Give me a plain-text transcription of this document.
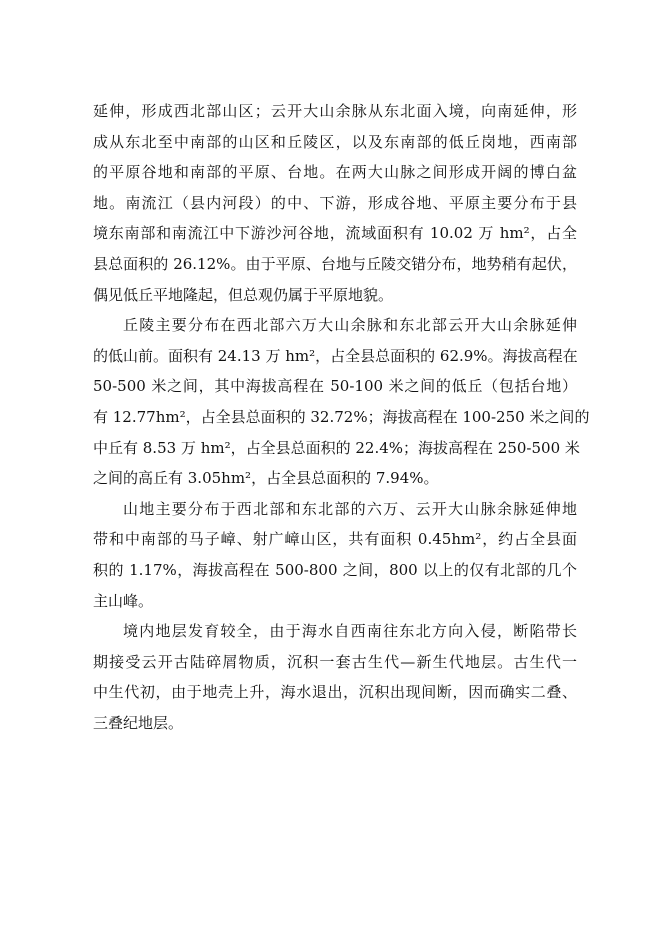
延伸，形成西北部山区；云开大山余脉从东北面入境，向南延伸，形
成从东北至中南部的山区和丘陵区，以及东南部的低丘岗地，西南部
的平原谷地和南部的平原、台地。在两大山脉之间形成开阔的博白盆
地。南流江（县内河段）的中、下游，形成谷地、平原主要分布于县
境东南部和南流江中下游沙河谷地，流域面积有 10.02 万 hm²，占全
县总面积的 26.12%。由于平原、台地与丘陵交错分布，地势稍有起伏，
偶见低丘平地隆起，但总观仍属于平原地貌。

丘陵主要分布在西北部六万大山余脉和东北部云开大山余脉延伸
的低山前。面积有 24.13 万 hm²，占全县总面积的 62.9%。海拔高程在
50-500 米之间，其中海拔高程在 50-100 米之间的低丘（包括台地）
有 12.77hm²，占全县总面积的 32.72%；海拔高程在 100-250 米之间的
中丘有 8.53 万 hm²，占全县总面积的 22.4%；海拔高程在 250-500 米
之间的高丘有 3.05hm²，占全县总面积的 7.94%。

山地主要分布于西北部和东北部的六万、云开大山脉余脉延伸地
带和中南部的马子嶂、射广嶂山区，共有面积 0.45hm²，约占全县面
积的 1.17%，海拔高程在 500-800 之间，800 以上的仅有北部的几个
主山峰。

境内地层发育较全，由于海水自西南往东北方向入侵，断陷带长
期接受云开古陆碎屑物质，沉积一套古生代—新生代地层。古生代一
中生代初，由于地壳上升，海水退出，沉积出现间断，因而确实二叠、
三叠纪地层。
